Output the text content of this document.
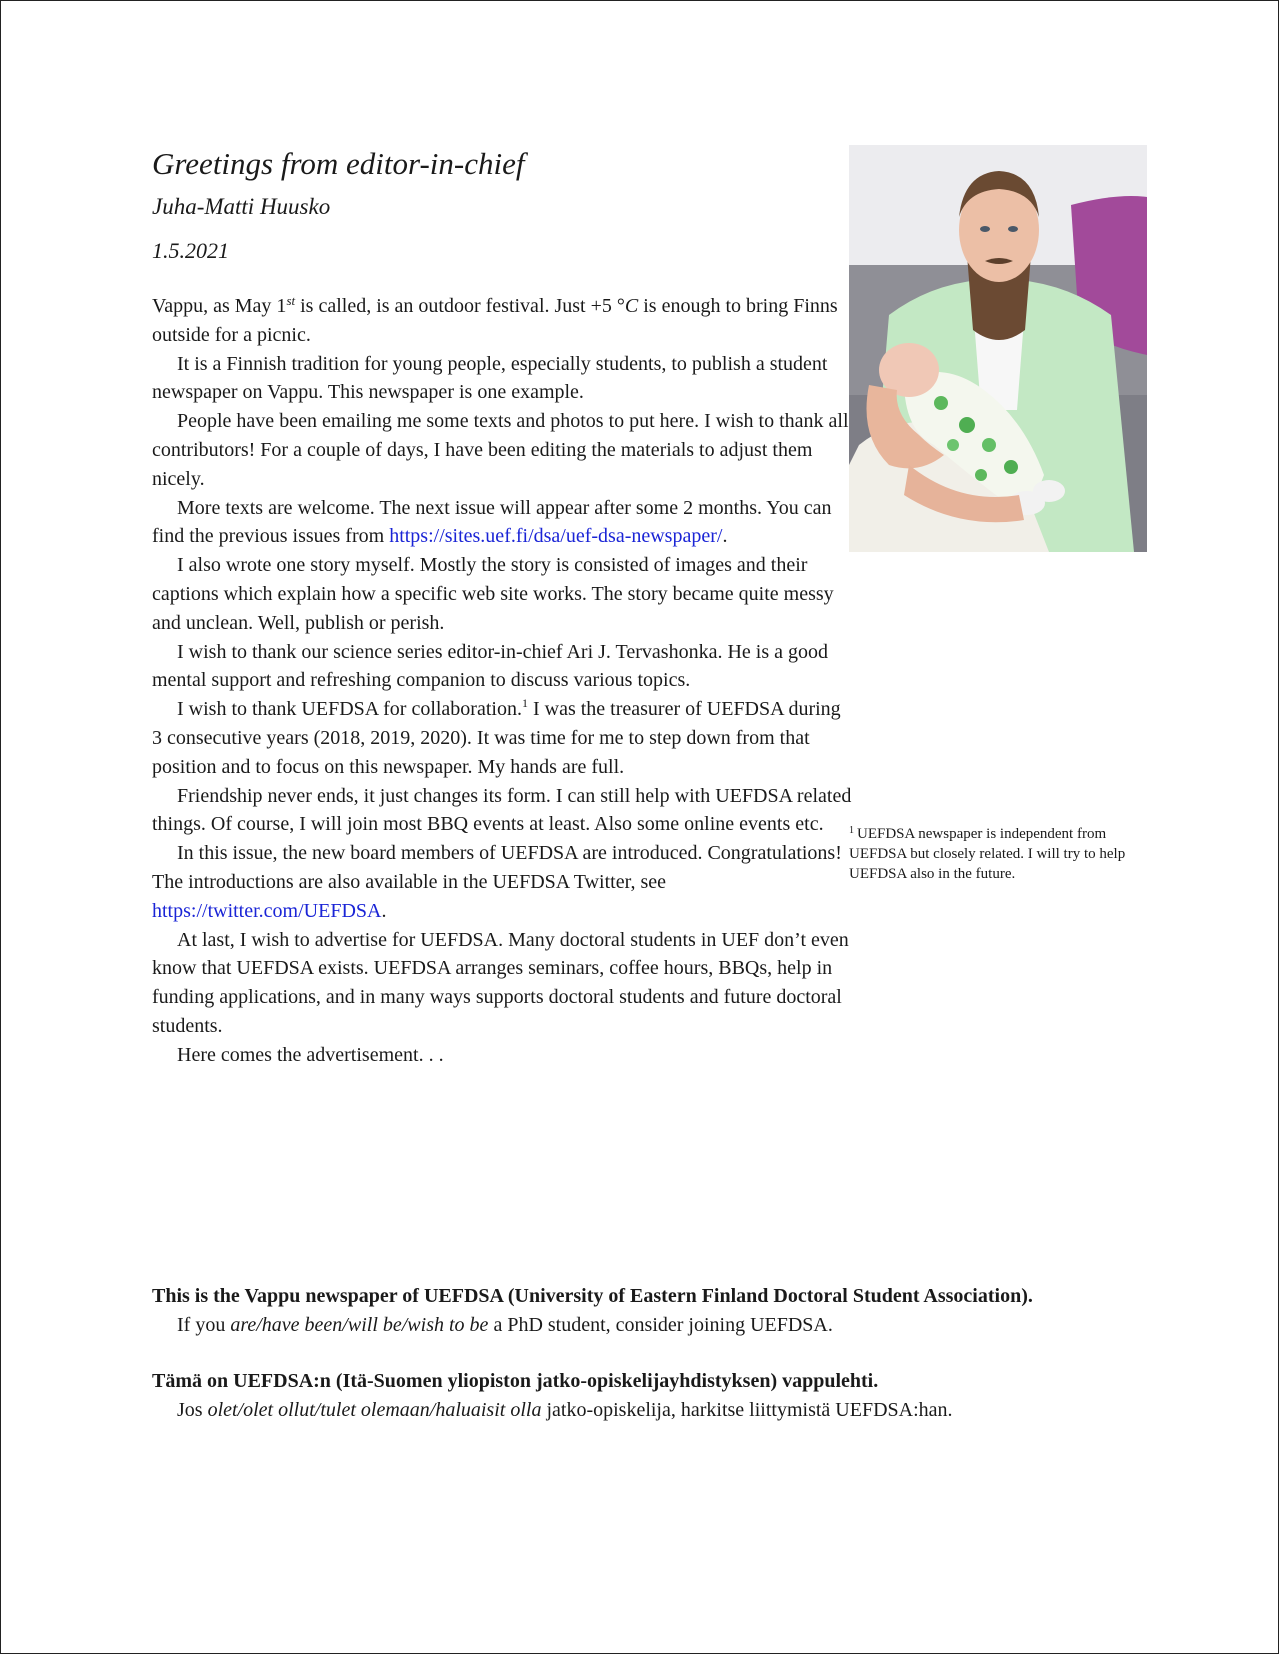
Greetings from editor-in-chief
Juha-Matti Huusko
1.5.2021

Vappu, as May 1st is called, is an outdoor festival. Just +5 °C is enough to bring Finns outside for a picnic.

It is a Finnish tradition for young people, especially students, to publish a student newspaper on Vappu. This newspaper is one example.

People have been emailing me some texts and photos to put here. I wish to thank all contributors! For a couple of days, I have been editing the materials to adjust them nicely.

More texts are welcome. The next issue will appear after some 2 months. You can find the previous issues from https://sites.uef.fi/dsa/uef-dsa-newspaper/.

I also wrote one story myself. Mostly the story is consisted of images and their captions which explain how a specific web site works. The story became quite messy and unclean. Well, publish or perish.

I wish to thank our science series editor-in-chief Ari J. Tervashonka. He is a good mental support and refreshing companion to discuss various topics.

I wish to thank UEFDSA for collaboration.$^1$ I was the treasurer of UEFDSA during 3 consecutive years (2018, 2019, 2020). It was time for me to step down from that position and to focus on this newspaper. My hands are full.

Friendship never ends, it just changes its form. I can still help with UEFDSA related things. Of course, I will join most BBQ events at least. Also some online events etc.

In this issue, the new board members of UEFDSA are introduced. Congratulations! The introductions are also available in the UEFDSA Twitter, see https://twitter.com/UEFDSA.

At last, I wish to advertise for UEFDSA. Many doctoral students in UEF don’t even know that UEFDSA exists. UEFDSA arranges seminars, coffee hours, BBQs, help in funding applications, and in many ways supports doctoral students and future doctoral students.

Here comes the advertisement. . .

$^1$ UEFDSA newspaper is independent from UEFDSA but closely related. I will try to help UEFDSA also in the future.
This is the Vappu newspaper of UEFDSA (University of Eastern Finland Doctoral Student Association).
If you are/have been/will be/wish to be a PhD student, consider joining UEFDSA.
Tämä on UEFDSA:n (Itä-Suomen yliopiston jatko-opiskelijayhdistyksen) vappulehti.
Jos olet/olet ollut/tulet olemaan/haluaisit olla jatko-opiskelija, harkitse liittymistä UEFDSA:han.
